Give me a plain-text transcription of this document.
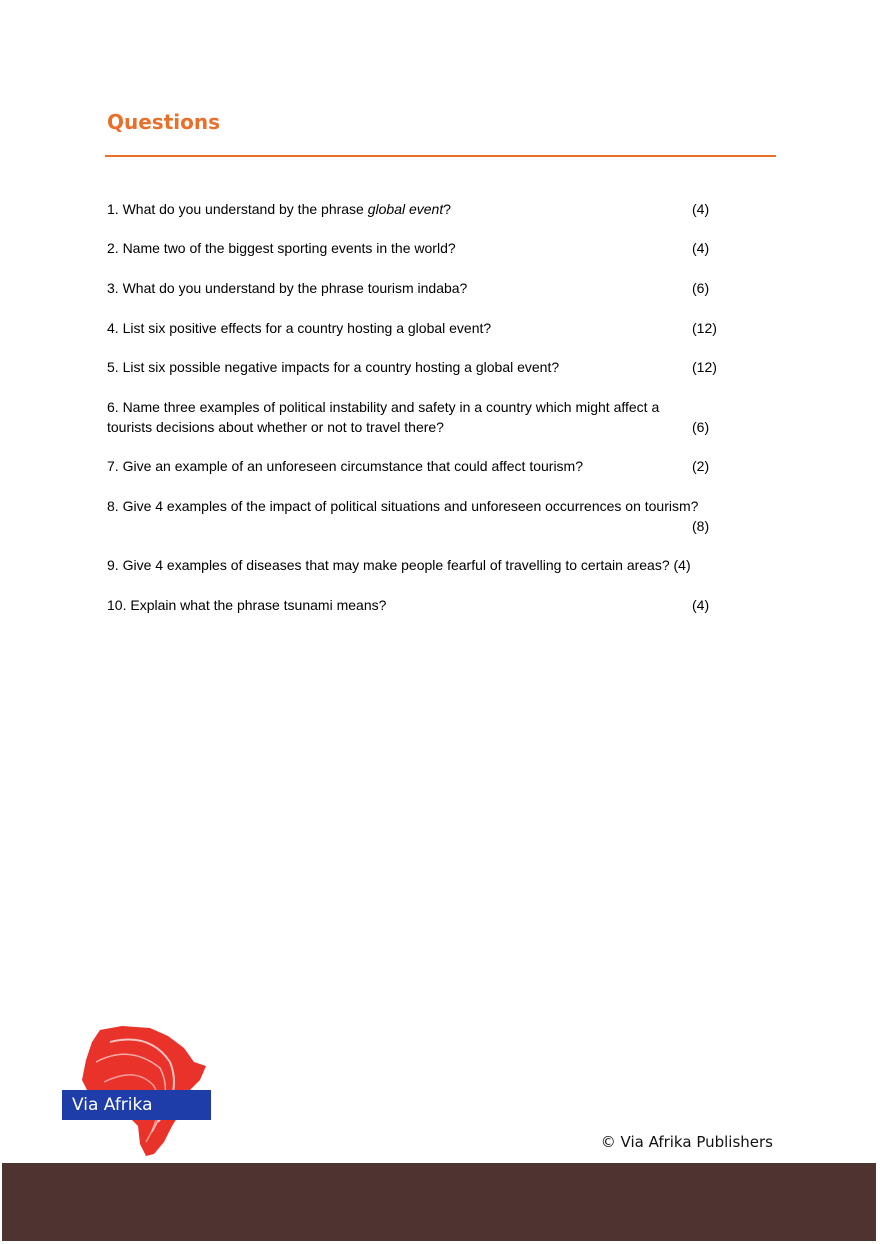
Questions
1. What do you understand by the phrase global event?	(4)
2. Name two of the biggest sporting events in the world?	(4)
3. What do you understand by the phrase tourism indaba?	(6)
4. List six positive effects for a country hosting a global event?	(12)
5. List six possible negative impacts for a country hosting a global event?	(12)
6. Name three examples of political instability and safety in a country which might affect a
tourists decisions about whether or not to travel there?	(6)
7. Give an example of an unforeseen circumstance that could affect tourism?	(2)
8. Give 4 examples of the impact of political situations and unforeseen occurrences on tourism?
(8)
9. Give 4 examples of diseases that may make people fearful of travelling to certain areas? (4)
10. Explain what the phrase tsunami means?	(4)
Via Afrika
© Via Afrika Publishers
